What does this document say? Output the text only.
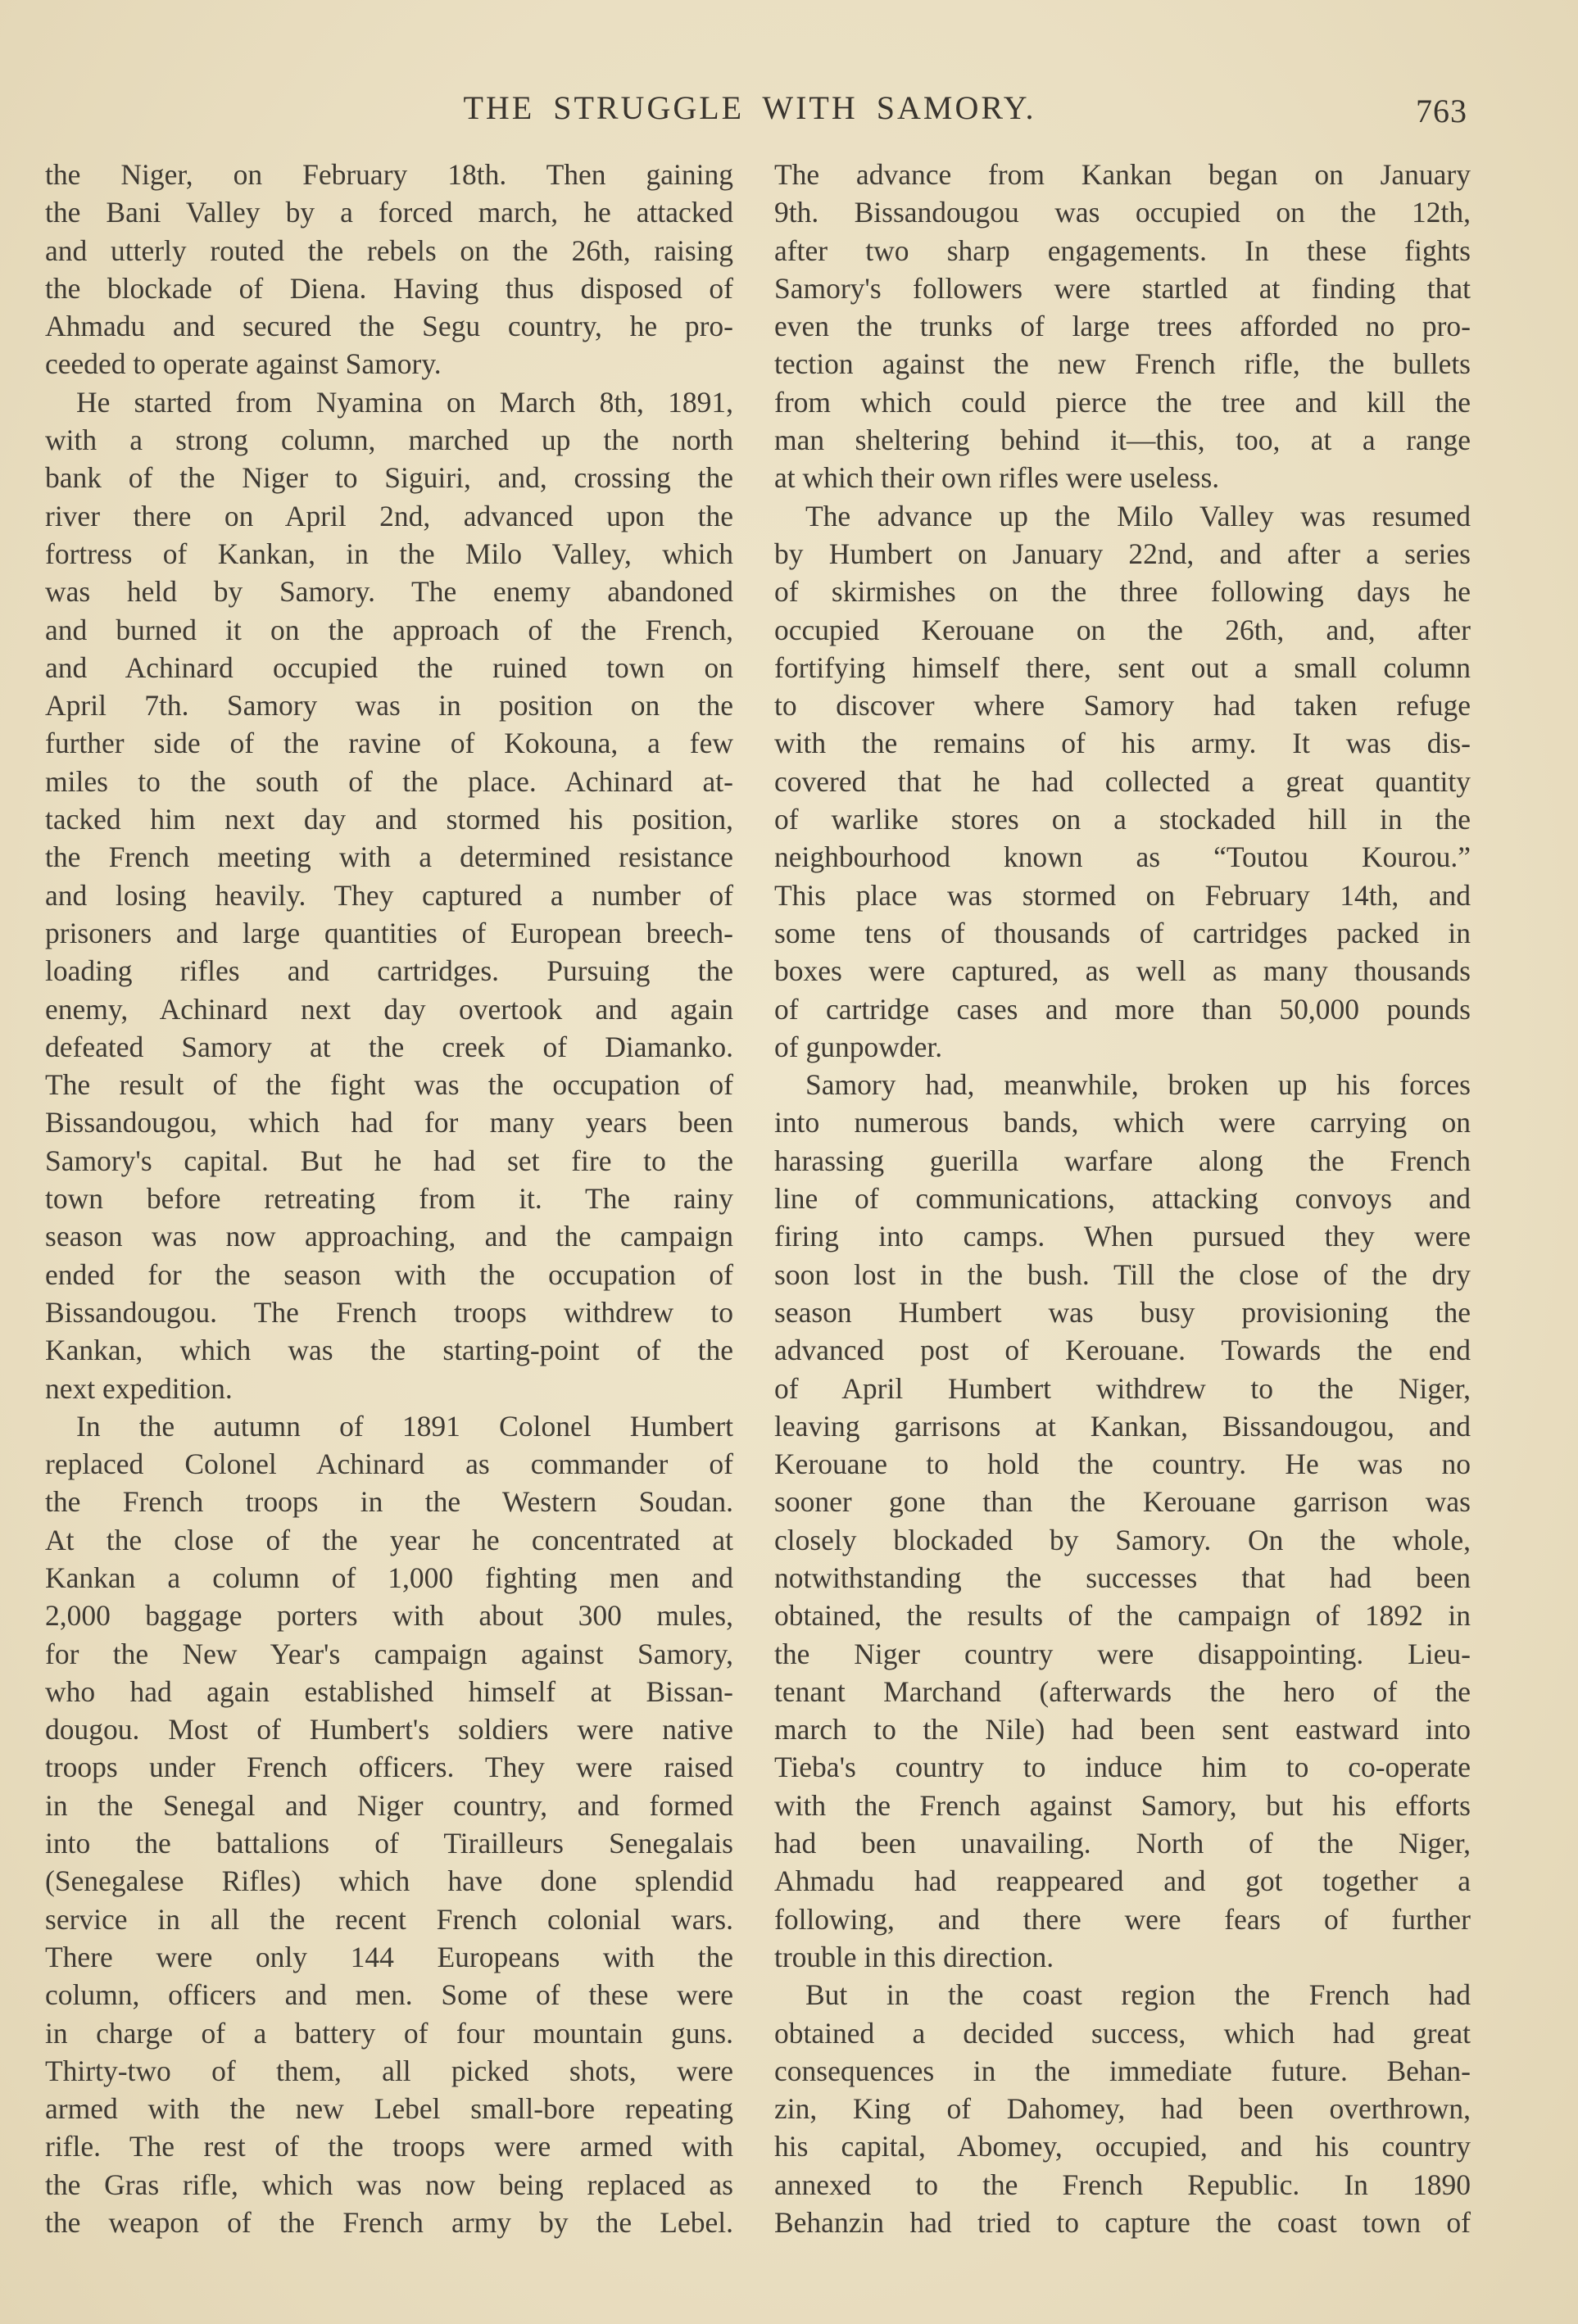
THE STRUGGLE WITH SAMORY.	763
the Niger, on February 18th. Then gaining
the Bani Valley by a forced march, he attacked
and utterly routed the rebels on the 26th, raising
the blockade of Diena. Having thus disposed of
Ahmadu and secured the Segu country, he pro-
ceeded to operate against Samory.
He started from Nyamina on March 8th, 1891,
with a strong column, marched up the north
bank of the Niger to Siguiri, and, crossing the
river there on April 2nd, advanced upon the
fortress of Kankan, in the Milo Valley, which
was held by Samory. The enemy abandoned
and burned it on the approach of the French,
and Achinard occupied the ruined town on
April 7th. Samory was in position on the
further side of the ravine of Kokouna, a few
miles to the south of the place. Achinard at-
tacked him next day and stormed his position,
the French meeting with a determined resistance
and losing heavily. They captured a number of
prisoners and large quantities of European breech-
loading rifles and cartridges. Pursuing the
enemy, Achinard next day overtook and again
defeated Samory at the creek of Diamanko.
The result of the fight was the occupation of
Bissandougou, which had for many years been
Samory's capital. But he had set fire to the
town before retreating from it. The rainy
season was now approaching, and the campaign
ended for the season with the occupation of
Bissandougou. The French troops withdrew to
Kankan, which was the starting-point of the
next expedition.
In the autumn of 1891 Colonel Humbert
replaced Colonel Achinard as commander of
the French troops in the Western Soudan.
At the close of the year he concentrated at
Kankan a column of 1,000 fighting men and
2,000 baggage porters with about 300 mules,
for the New Year's campaign against Samory,
who had again established himself at Bissan-
dougou. Most of Humbert's soldiers were native
troops under French officers. They were raised
in the Senegal and Niger country, and formed
into the battalions of Tirailleurs Senegalais
(Senegalese Rifles) which have done splendid
service in all the recent French colonial wars.
There were only 144 Europeans with the
column, officers and men. Some of these were
in charge of a battery of four mountain guns.
Thirty-two of them, all picked shots, were
armed with the new Lebel small-bore repeating
rifle. The rest of the troops were armed with
the Gras rifle, which was now being replaced as
the weapon of the French army by the Lebel.
The advance from Kankan began on January
9th. Bissandougou was occupied on the 12th,
after two sharp engagements. In these fights
Samory's followers were startled at finding that
even the trunks of large trees afforded no pro-
tection against the new French rifle, the bullets
from which could pierce the tree and kill the
man sheltering behind it—this, too, at a range
at which their own rifles were useless.
The advance up the Milo Valley was resumed
by Humbert on January 22nd, and after a series
of skirmishes on the three following days he
occupied Kerouane on the 26th, and, after
fortifying himself there, sent out a small column
to discover where Samory had taken refuge
with the remains of his army. It was dis-
covered that he had collected a great quantity
of warlike stores on a stockaded hill in the
neighbourhood known as “Toutou Kourou.”
This place was stormed on February 14th, and
some tens of thousands of cartridges packed in
boxes were captured, as well as many thousands
of cartridge cases and more than 50,000 pounds
of gunpowder.
Samory had, meanwhile, broken up his forces
into numerous bands, which were carrying on
harassing guerilla warfare along the French
line of communications, attacking convoys and
firing into camps. When pursued they were
soon lost in the bush. Till the close of the dry
season Humbert was busy provisioning the
advanced post of Kerouane. Towards the end
of April Humbert withdrew to the Niger,
leaving garrisons at Kankan, Bissandougou, and
Kerouane to hold the country. He was no
sooner gone than the Kerouane garrison was
closely blockaded by Samory. On the whole,
notwithstanding the successes that had been
obtained, the results of the campaign of 1892 in
the Niger country were disappointing. Lieu-
tenant Marchand (afterwards the hero of the
march to the Nile) had been sent eastward into
Tieba's country to induce him to co-operate
with the French against Samory, but his efforts
had been unavailing. North of the Niger,
Ahmadu had reappeared and got together a
following, and there were fears of further
trouble in this direction.
But in the coast region the French had
obtained a decided success, which had great
consequences in the immediate future. Behan-
zin, King of Dahomey, had been overthrown,
his capital, Abomey, occupied, and his country
annexed to the French Republic. In 1890
Behanzin had tried to capture the coast town of
